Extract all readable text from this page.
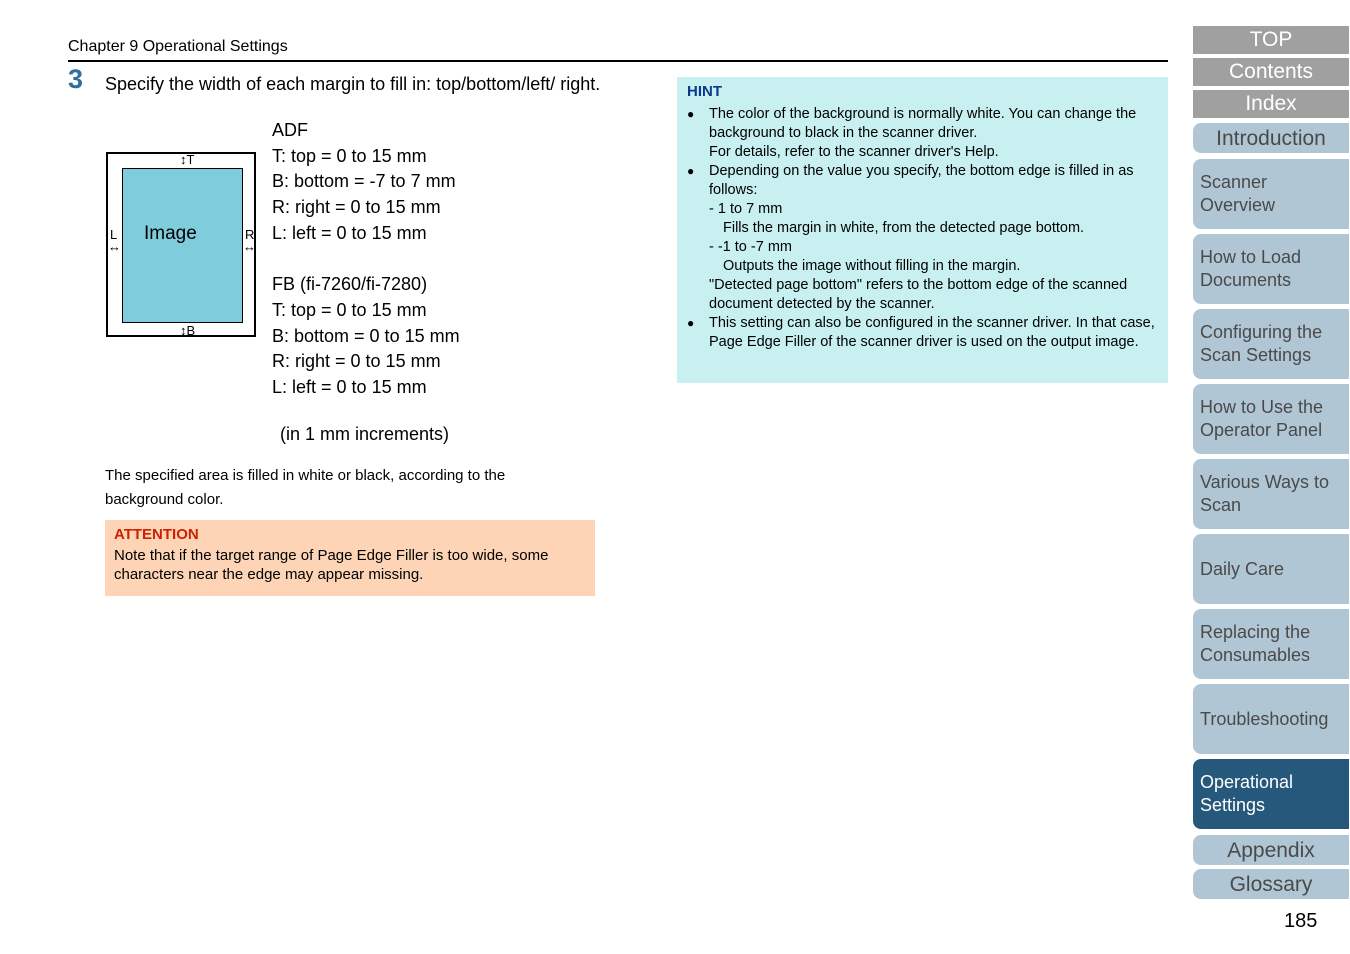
Chapter 9 Operational Settings
3 Specify the width of each margin to fill in: top/bottom/left/ right.
Image
↕T
↕B
L
↔
R
↔
ADF
T: top = 0 to 15 mm
B: bottom = -7 to 7 mm
R: right = 0 to 15 mm
L: left = 0 to 15 mm
FB (fi-7260/fi-7280)
T: top = 0 to 15 mm
B: bottom = 0 to 15 mm
R: right = 0 to 15 mm
L: left = 0 to 15 mm
(in 1 mm increments)
The specified area is filled in white or black, according to the background color.
ATTENTION
Note that if the target range of Page Edge Filler is too wide, some characters near the edge may appear missing.
HINT
● The color of the background is normally white. You can change the background to black in the scanner driver.
For details, refer to the scanner driver's Help.
● Depending on the value you specify, the bottom edge is filled in as follows:
- 1 to 7 mm
Fills the margin in white, from the detected page bottom.
- -1 to -7 mm
Outputs the image without filling in the margin.
"Detected page bottom" refers to the bottom edge of the scanned document detected by the scanner.
● This setting can also be configured in the scanner driver. In that case, Page Edge Filler of the scanner driver is used on the output image.
TOP
Contents
Index
Introduction
Scanner Overview
How to Load Documents
Configuring the Scan Settings
How to Use the Operator Panel
Various Ways to Scan
Daily Care
Replacing the Consumables
Troubleshooting
Operational Settings
Appendix
Glossary
185
